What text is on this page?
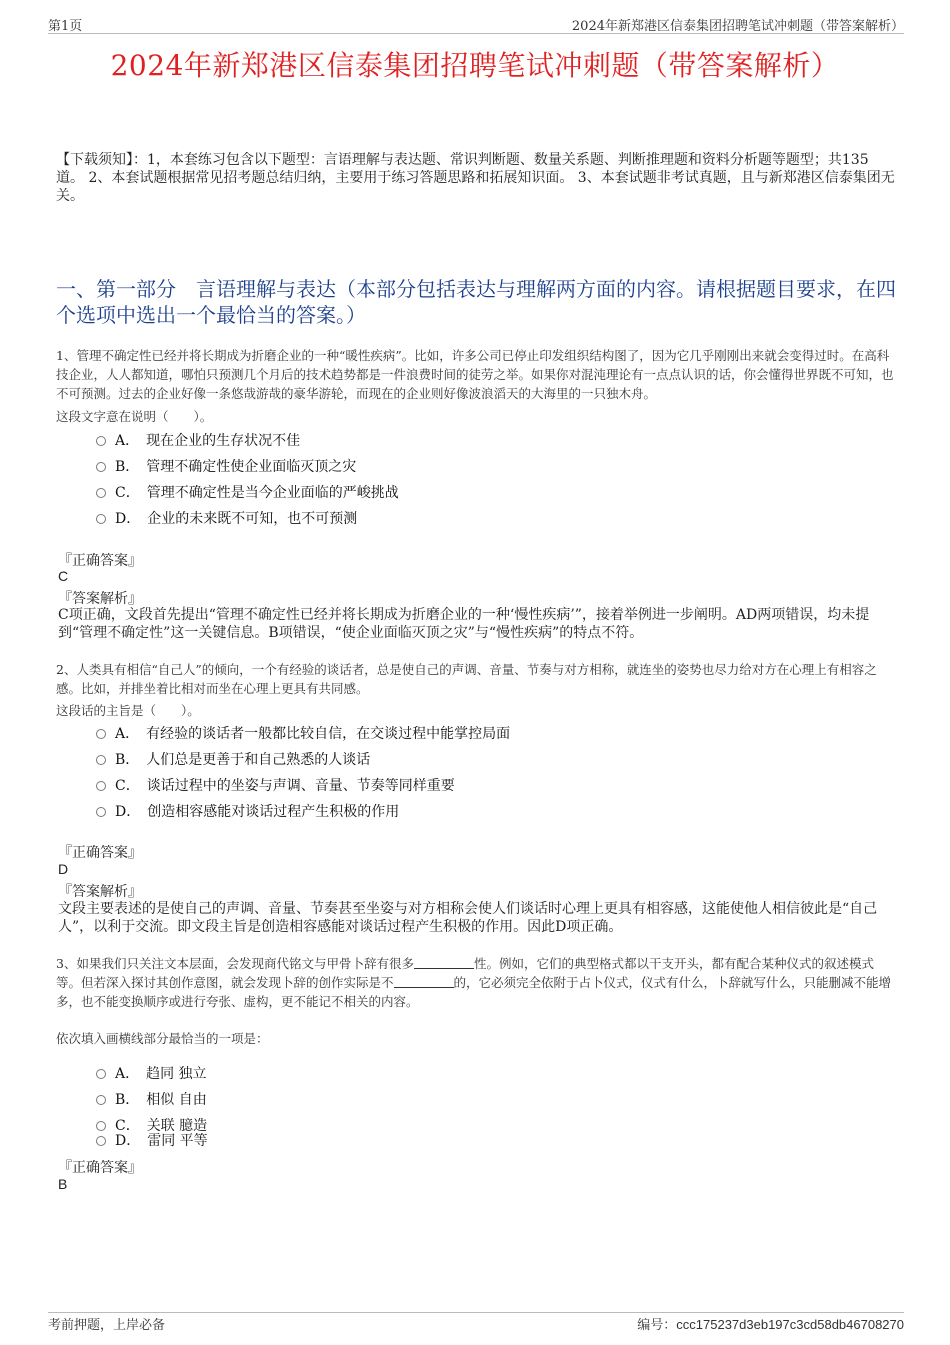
第1页	2024年新郑港区信泰集团招聘笔试冲刺题（带答案解析）
2024年新郑港区信泰集团招聘笔试冲刺题（带答案解析）
【下载须知】：1，本套练习包含以下题型：言语理解与表达题、常识判断题、数量关系题、判断推理题和资料分析题等题型；共135道。 2、本套试题根据常见招考题总结归纳，主要用于练习答题思路和拓展知识面。 3、本套试题非考试真题，且与新郑港区信泰集团无关。
一、第一部分　言语理解与表达（本部分包括表达与理解两方面的内容。请根据题目要求，在四个选项中选出一个最恰当的答案。）
1、管理不确定性已经并将长期成为折磨企业的一种“暖性疾病”。比如，许多公司已停止印发组织结构图了，因为它几乎刚刚出来就会变得过时。在高科技企业，人人都知道，哪怕只预测几个月后的技术趋势都是一件浪费时间的徒劳之举。如果你对混沌理论有一点点认识的话，你会懂得世界既不可知，也不可预测。过去的企业好像一条悠哉游哉的豪华游轮，而现在的企业则好像波浪滔天的大海里的一只独木舟。
这段文字意在说明（　　）。
A．　现在企业的生存状况不佳
B．　管理不确定性使企业面临灭顶之灾
C．　管理不确定性是当今企业面临的严峻挑战
D．　企业的未来既不可知，也不可预测
『正确答案』
C
『答案解析』
C项正确，文段首先提出“管理不确定性已经并将长期成为折磨企业的一种‘慢性疾病’”，接着举例进一步阐明。AD两项错误，均未提到“管理不确定性”这一关键信息。B项错误，“使企业面临灭顶之灾”与“慢性疾病”的特点不符。
2、人类具有相信“自己人”的倾向，一个有经验的谈话者，总是使自己的声调、音量、节奏与对方相称，就连坐的姿势也尽力给对方在心理上有相容之感。比如，并排坐着比相对而坐在心理上更具有共同感。
这段话的主旨是（　　）。
A．　有经验的谈话者一般都比较自信，在交谈过程中能掌控局面
B．　人们总是更善于和自己熟悉的人谈话
C．　谈话过程中的坐姿与声调、音量、节奏等同样重要
D．　创造相容感能对谈话过程产生积极的作用
『正确答案』
D
『答案解析』
文段主要表述的是使自己的声调、音量、节奏甚至坐姿与对方相称会使人们谈话时心理上更具有相容感，这能使他人相信彼此是“自己人”，以利于交流。即文段主旨是创造相容感能对谈话过程产生积极的作用。因此D项正确。
3、如果我们只关注文本层面，会发现商代铭文与甲骨卜辞有很多	性。例如，它们的典型格式都以干支开头，都有配合某种仪式的叙述模式等。但若深入探讨其创作意图，就会发现卜辞的创作实际是不	的，它必须完全依附于占卜仪式，仪式有什么，卜辞就写什么，只能删减不能增多，也不能变换顺序或进行夸张、虚构，更不能记不相关的内容。
依次填入画横线部分最恰当的一项是：
A．　趋同 独立
B．　相似 自由
C．　关联 臆造
D．　雷同 平等
『正确答案』
B
考前押题，上岸必备	编号：ccc175237d3eb197c3cd58db46708270
